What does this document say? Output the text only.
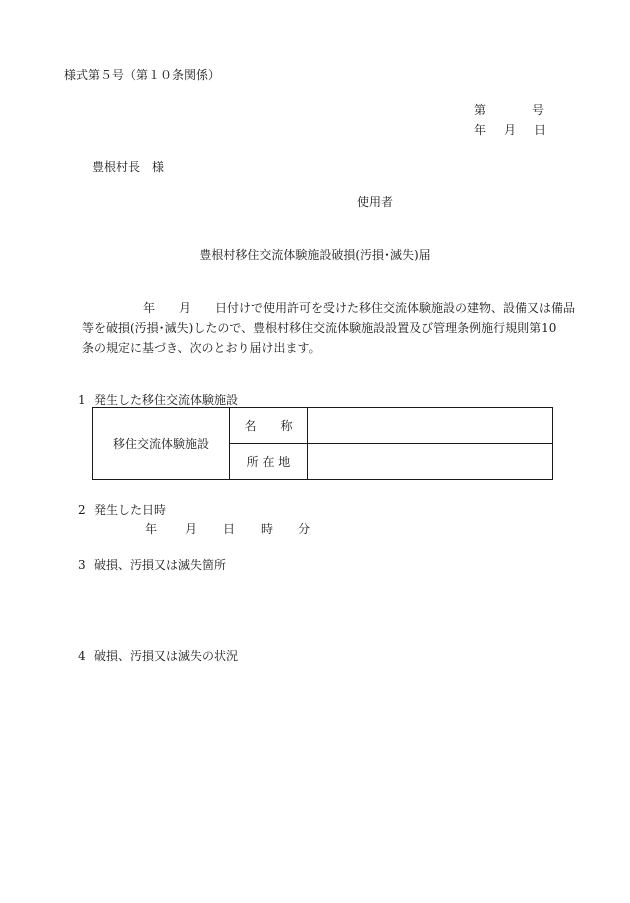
様式第５号（第１０条関係）
第	号
年 月 日
豊根村長　様
使用者
豊根村移住交流体験施設破損(汚損･滅失)届
年　　月　　日付けで使用許可を受けた移住交流体験施設の建物、設備又は備品
等を破損(汚損･滅失)したので、豊根村移住交流体験施設設置及び管理条例施行規則第10
条の規定に基づき、次のとおり届け出ます。
1 発生した移住交流体験施設
移住交流体験施設	名　　称	
	所 在 地	
2 発生した日時
年 月 日 時 分
3 破損、汚損又は滅失箇所
4 破損、汚損又は滅失の状況
